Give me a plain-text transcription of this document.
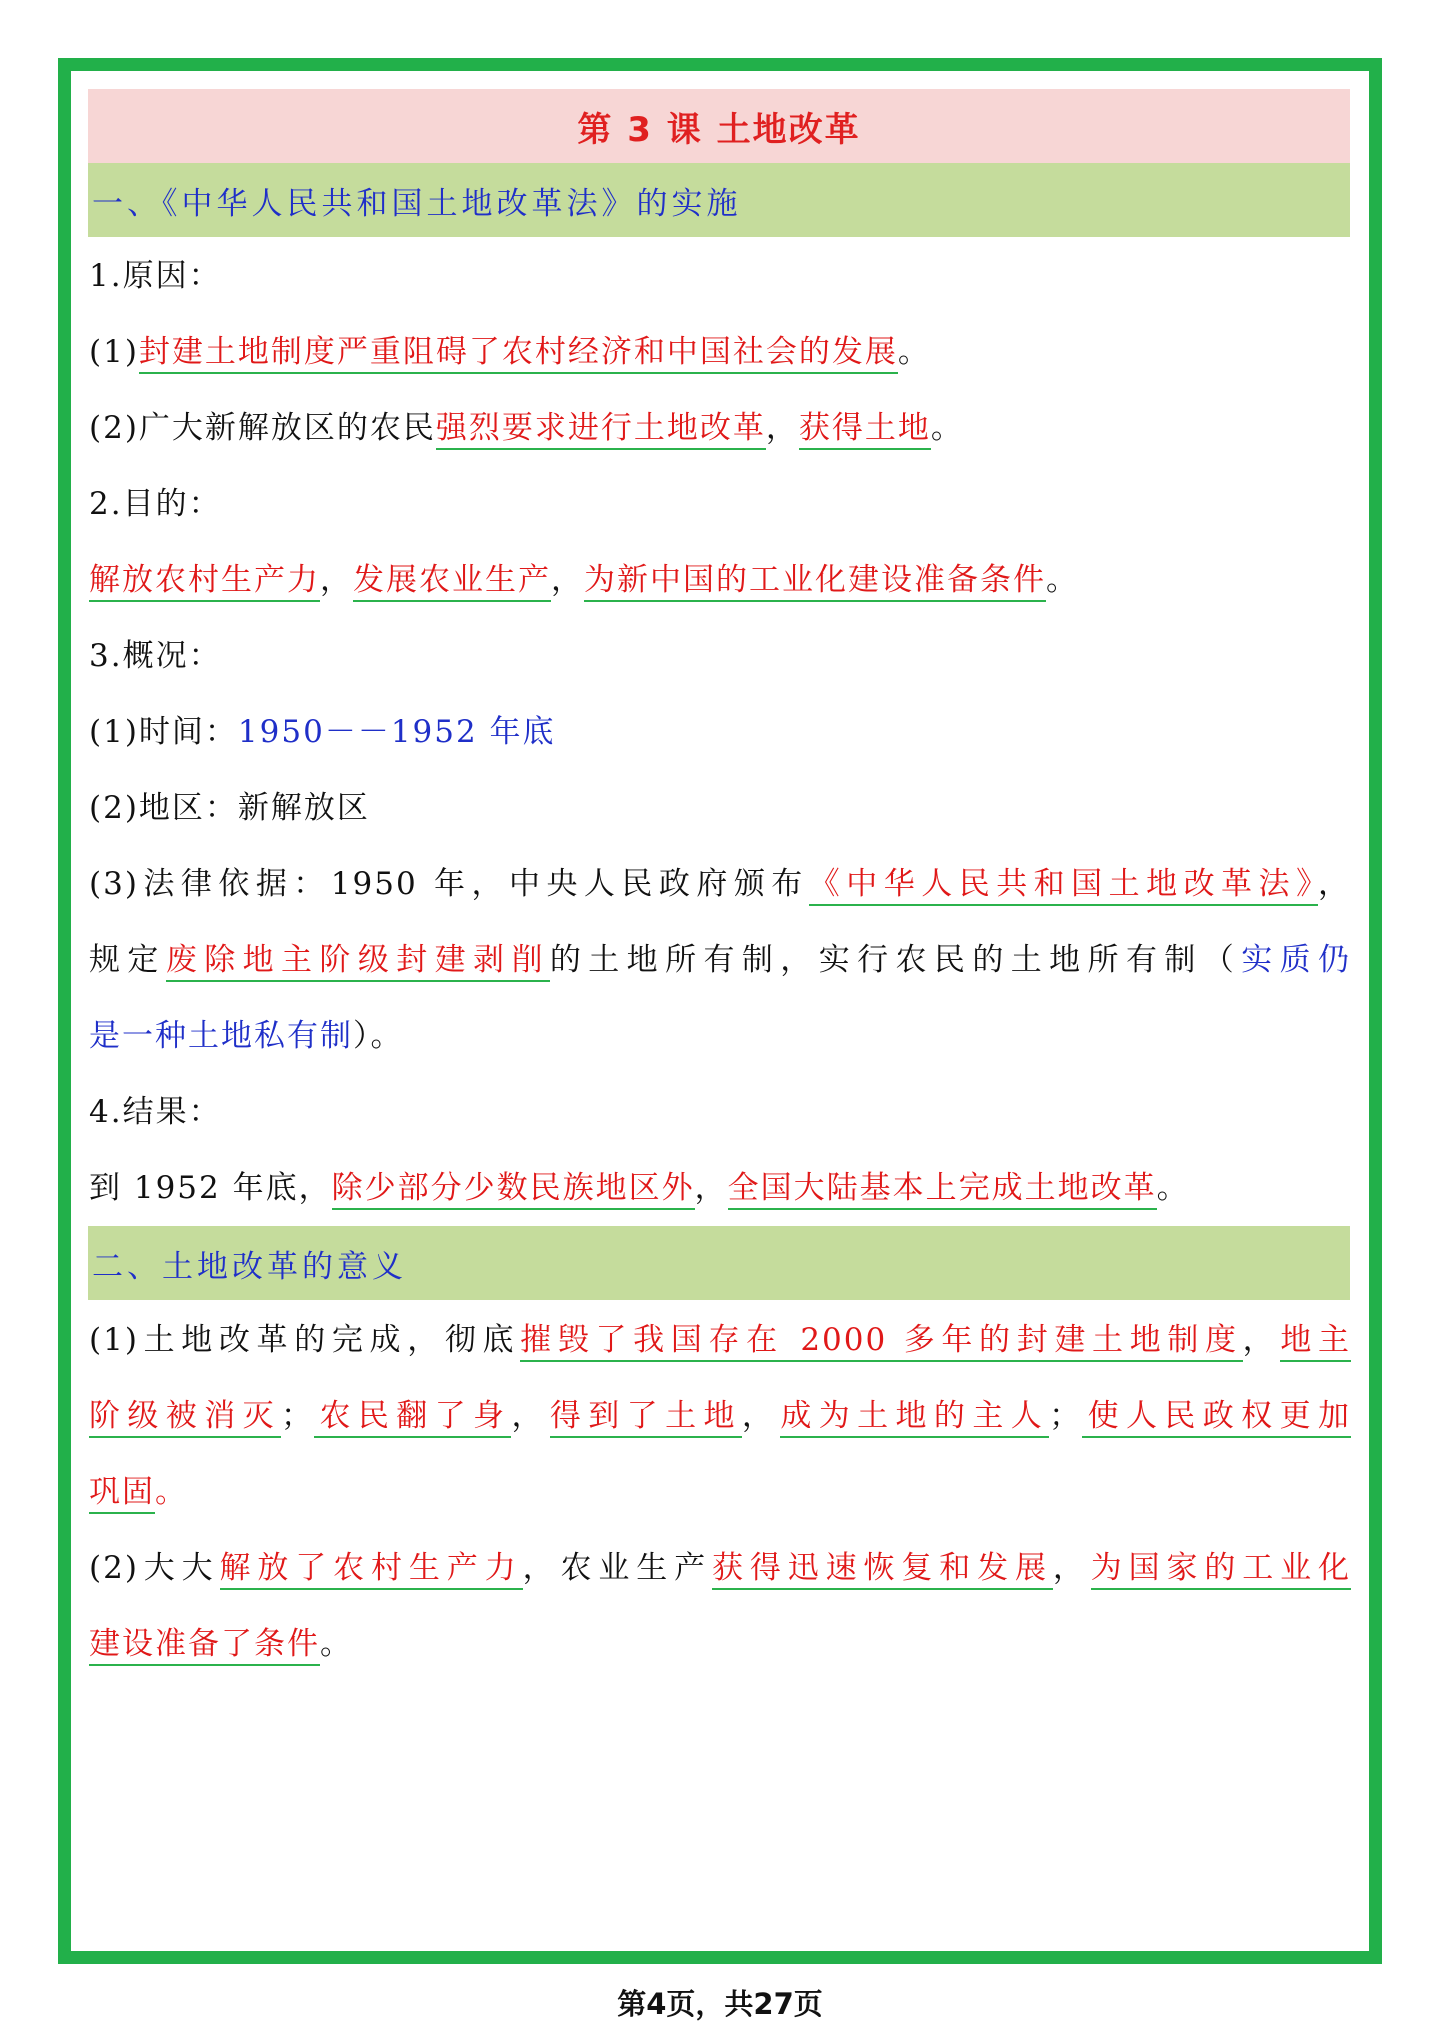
第 3 课 土地改革
一、《中华人民共和国土地改革法》的实施
1.原因：
(1)封建土地制度严重阻碍了农村经济和中国社会的发展。
(2)广大新解放区的农民强烈要求进行土地改革，获得土地。
2.目的：
解放农村生产力，发展农业生产，为新中国的工业化建设准备条件。
3.概况：
(1)时间：1950－－1952 年底
(2)地区：新解放区
(3)法律依据：1950 年，中央人民政府颁布《中华人民共和国土地改革法》，
规定废除地主阶级封建剥削的土地所有制，实行农民的土地所有制（实质仍
是一种土地私有制）。
4.结果：
到 1952 年底，除少部分少数民族地区外，全国大陆基本上完成土地改革。
二、土地改革的意义
(1)土地改革的完成，彻底摧毁了我国存在 2000 多年的封建土地制度，地主
阶级被消灭；农民翻了身，得到了土地，成为土地的主人；使人民政权更加
巩固。
(2)大大解放了农村生产力，农业生产获得迅速恢复和发展，为国家的工业化
建设准备了条件。
第4页，共27页
